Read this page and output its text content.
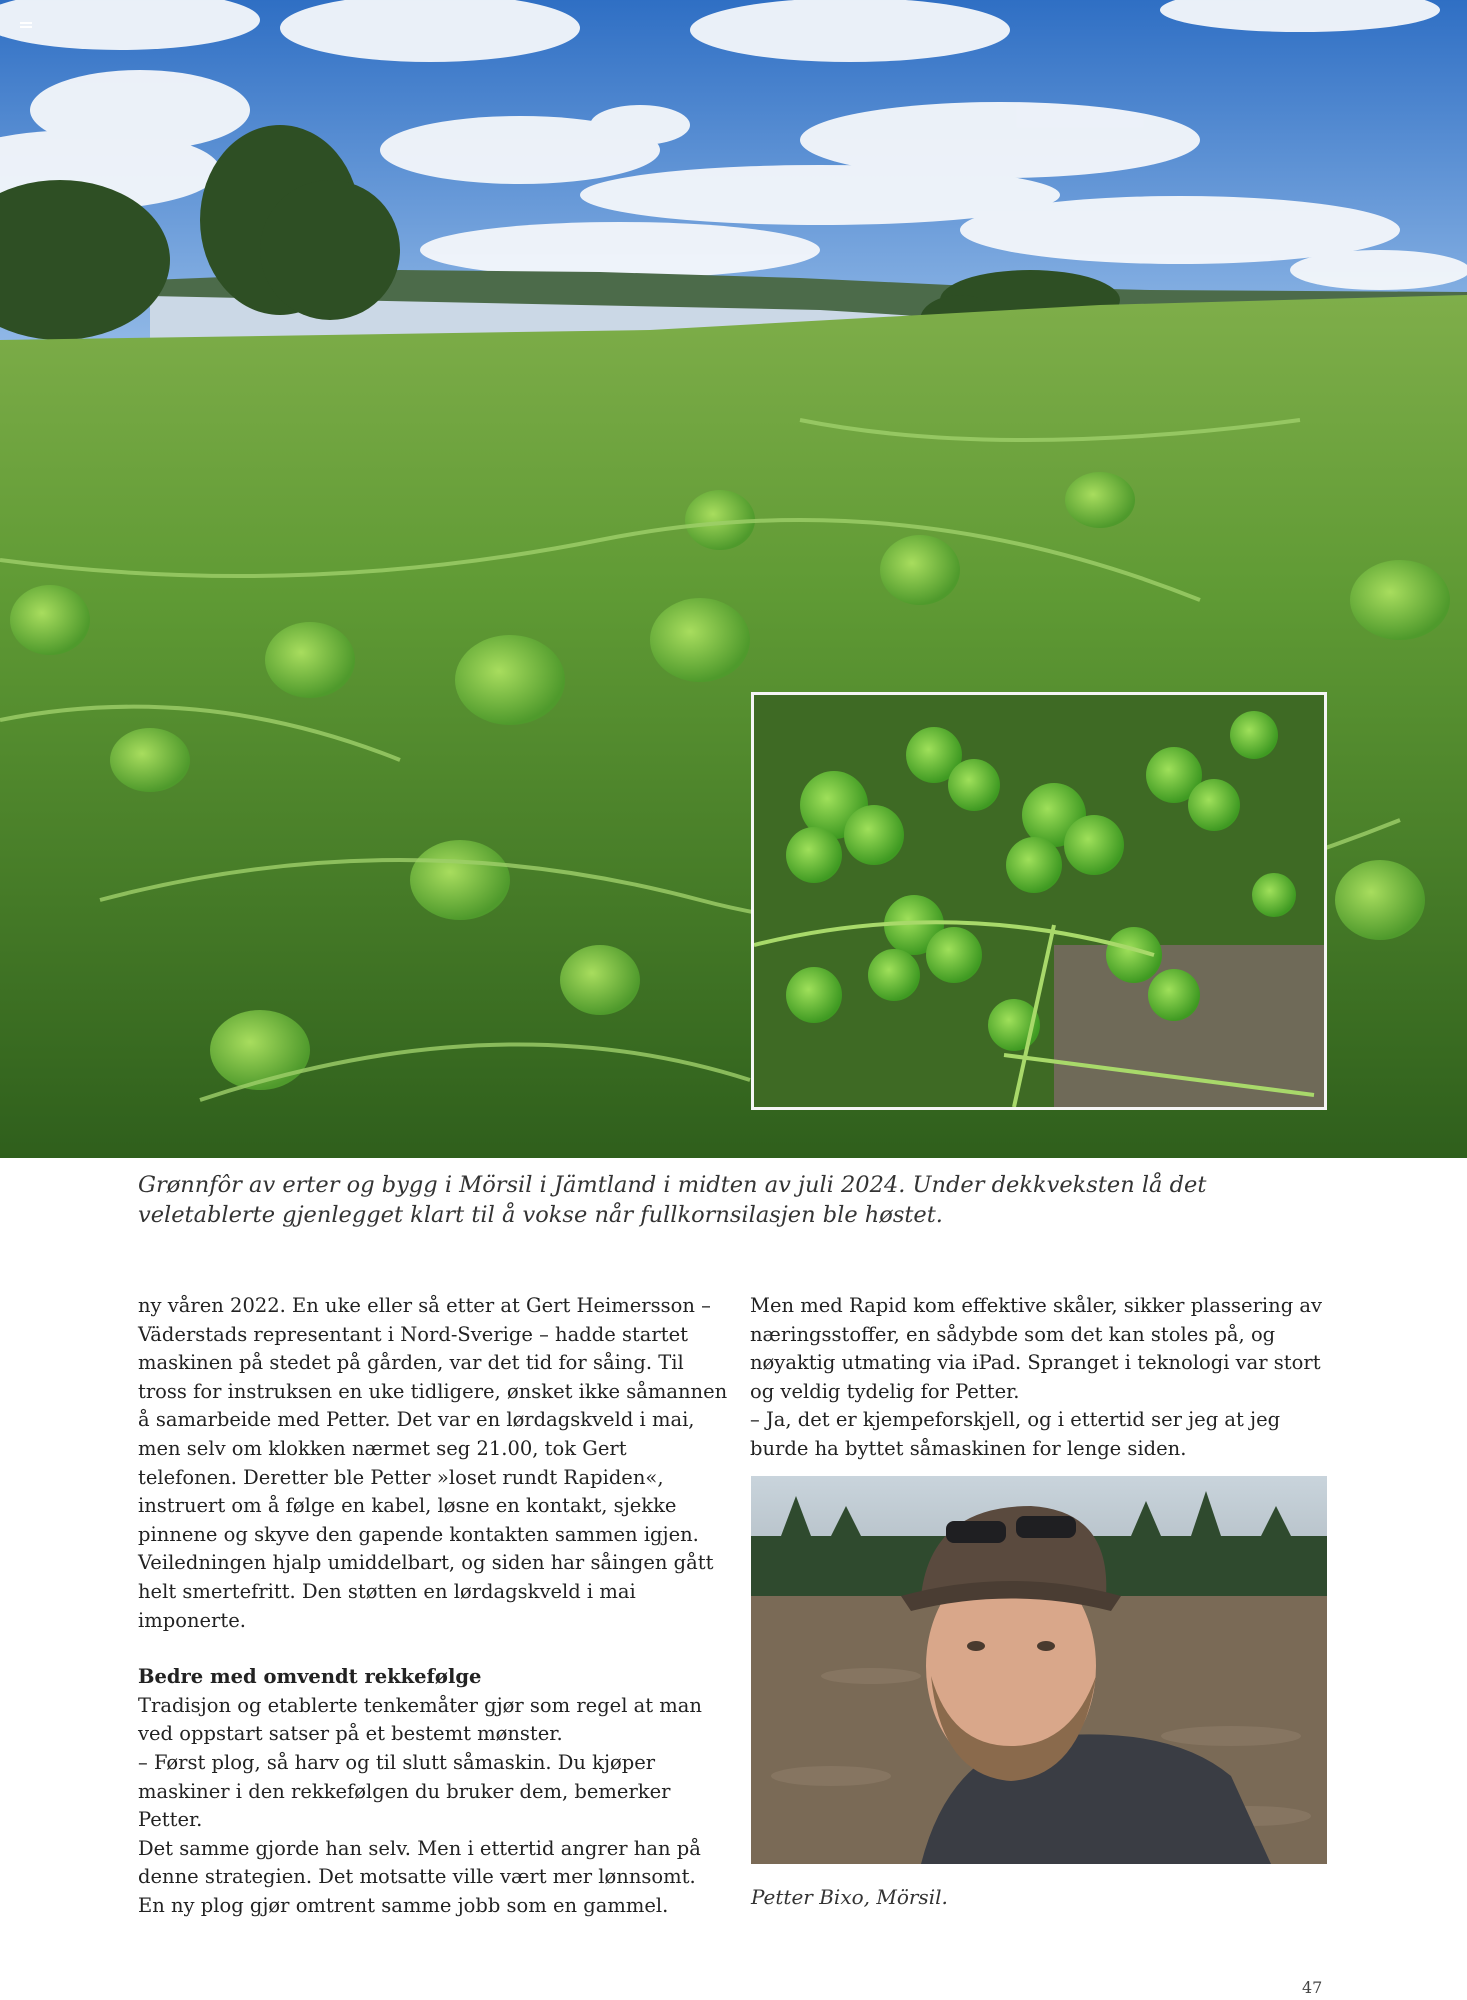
Grønnfôr av erter og bygg i Mörsil i Jämtland i midten av juli 2024. Under dekkveksten lå det veletablerte gjenlegget klart til å vokse når fullkornsilasjen ble høstet.

ny våren 2022. En uke eller så etter at Gert Heimersson – Väderstads representant i Nord-Sverige – hadde startet maskinen på stedet på gården, var det tid for såing. Til tross for instruksen en uke tidligere, ønsket ikke såmannen å samarbeide med Petter. Det var en lørdagskveld i mai, men selv om klokken nærmet seg 21.00, tok Gert telefonen. Deretter ble Petter »loset rundt Rapiden«, instruert om å følge en kabel, løsne en kontakt, sjekke pinnene og skyve den gapende kontakten sammen igjen. Veiledningen hjalp umiddelbart, og siden har såingen gått helt smertefritt. Den støtten en lørdagskveld i mai imponerte.

Bedre med omvendt rekkefølge

Tradisjon og etablerte tenkemåter gjør som regel at man ved oppstart satser på et bestemt mønster.

– Først plog, så harv og til slutt såmaskin. Du kjøper maskiner i den rekkefølgen du bruker dem, bemerker Petter.

Det samme gjorde han selv. Men i ettertid angrer han på denne strategien. Det motsatte ville vært mer lønnsomt. En ny plog gjør omtrent samme jobb som en gammel.

Men med Rapid kom effektive skåler, sikker plassering av næringsstoffer, en sådybde som det kan stoles på, og nøyaktig utmating via iPad. Spranget i teknologi var stort og veldig tydelig for Petter.

– Ja, det er kjempeforskjell, og i ettertid ser jeg at jeg burde ha byttet såmaskinen for lenge siden.

Petter Bixo, Mörsil.
47
